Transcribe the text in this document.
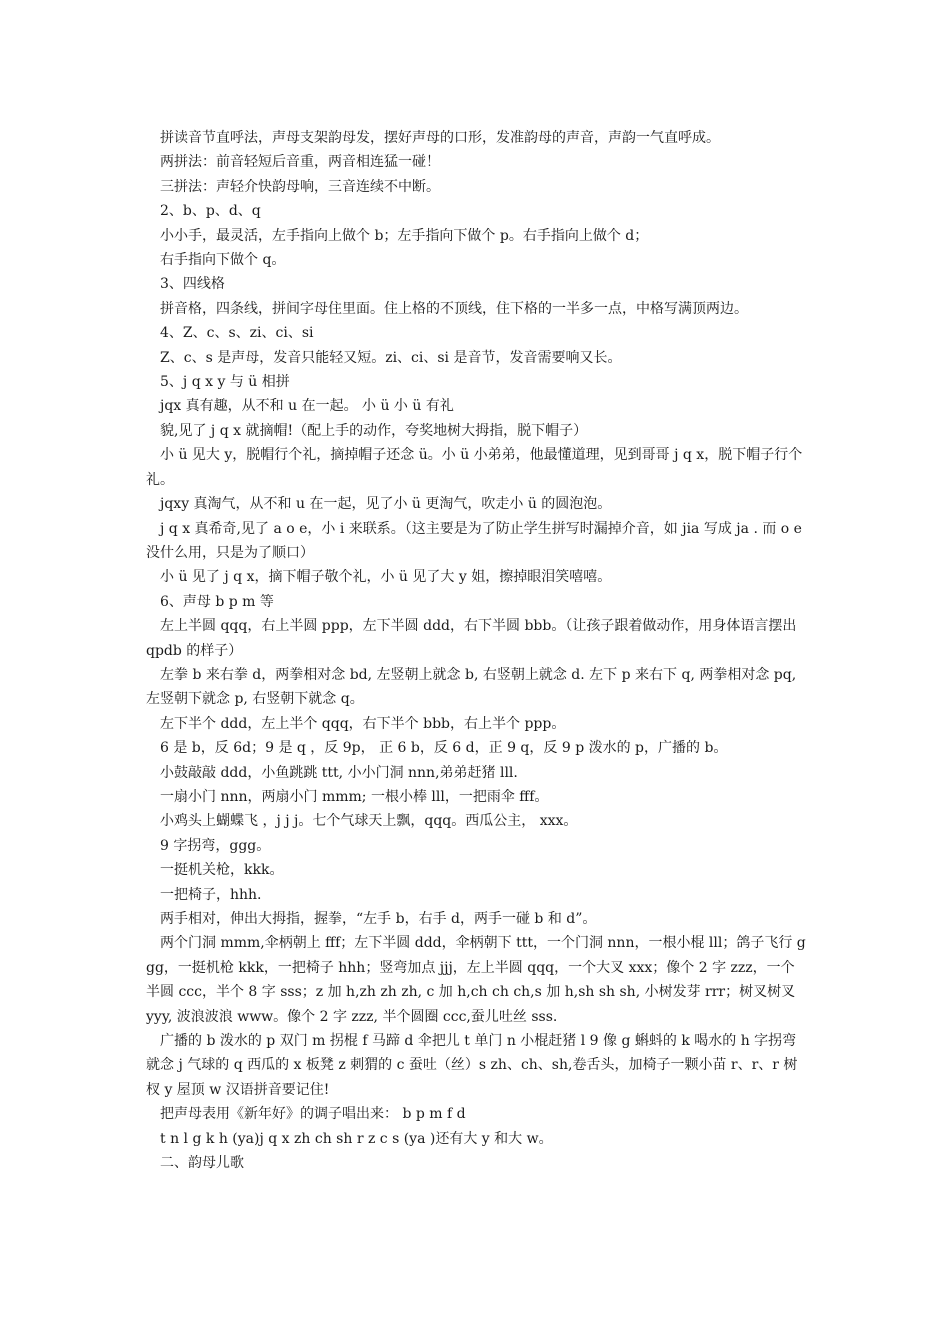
拼读音节直呼法，声母支架韵母发，摆好声母的口形，发准韵母的声音，声韵一气直呼成。

两拼法：前音轻短后音重，两音相连猛一碰！

三拼法：声轻介快韵母响，三音连续不中断。

2、b、p、d、q

小小手，最灵活，左手指向上做个 b；左手指向下做个 p。右手指向上做个 d；

右手指向下做个 q。

3、四线格

拼音格，四条线，拼间字母住里面。住上格的不顶线，住下格的一半多一点，中格写满顶两边。

4、Z、c、s、zi、ci、si

Z、c、s 是声母，发音只能轻又短。zi、ci、si 是音节，发音需要响又长。

5、j q x y 与 ü 相拼

jqx 真有趣，从不和 u 在一起。 小 ü 小 ü 有礼

貌,见了 j q x 就摘帽!（配上手的动作，夸奖地树大拇指，脱下帽子）

小 ü 见大 y，脱帽行个礼，摘掉帽子还念 ü。小 ü 小弟弟，他最懂道理，见到哥哥 j q x，脱下帽子行个礼。

jqxy 真淘气，从不和 u 在一起，见了小 ü 更淘气，吹走小 ü 的圆泡泡。

j q x 真希奇,见了 a o e，小 i 来联系。（这主要是为了防止学生拼写时漏掉介音，如 jia 写成 ja . 而 o e 没什么用，只是为了顺口）

小 ü 见了 j q x，摘下帽子敬个礼，小 ü 见了大 y 姐，擦掉眼泪笑嘻嘻。

6、声母 b p m 等

左上半圆 qqq，右上半圆 ppp，左下半圆 ddd，右下半圆 bbb。（让孩子跟着做动作，用身体语言摆出 qpdb 的样子）

左拳 b 来右拳 d，两拳相对念 bd, 左竖朝上就念 b, 右竖朝上就念 d. 左下 p 来右下 q, 两拳相对念 pq, 左竖朝下就念 p, 右竖朝下就念 q。

左下半个 ddd，左上半个 qqq，右下半个 bbb，右上半个 ppp。

6 是 b，反 6d；9 是 q ，反 9p， 正 6 b，反 6 d，正 9 q，反 9 p 泼水的 p，广播的 b。

小鼓敲敲 ddd，小鱼跳跳 ttt, 小小门洞 nnn,弟弟赶猪 lll.

一扇小门 nnn，两扇小门 mmm; 一根小棒 lll，一把雨伞 fff。

小鸡头上蝴蝶飞 ，j j j。七个气球天上飘，qqq。西瓜公主， xxx。

9 字拐弯，ggg。

一挺机关枪，kkk。

一把椅子，hhh.

两手相对，伸出大拇指，握拳，“左手 b，右手 d，两手一碰 b 和 d”。

两个门洞 mmm,伞柄朝上 fff；左下半圆 ddd，伞柄朝下 ttt，一个门洞 nnn，一根小棍 lll；鸽子飞行 ggg，一挺机枪 kkk，一把椅子 hhh；竖弯加点 jjj，左上半圆 qqq，一个大叉 xxx；像个 2 字 zzz，一个半圆 ccc，半个 8 字 sss；z 加 h,zh zh zh, c 加 h,ch ch ch,s 加 h,sh sh sh, 小树发芽 rrr；树叉树叉 yyy, 波浪波浪 www。像个 2 字 zzz, 半个圆圈 ccc,蚕儿吐丝 sss.

广播的 b 泼水的 p 双门 m 拐棍 f 马蹄 d 伞把儿 t 单门 n 小棍赶猪 l 9 像 g 蝌蚪的 k 喝水的 h 字拐弯就念 j 气球的 q 西瓜的 x 板凳 z 刺猬的 c 蚕吐（丝）s zh、ch、sh,卷舌头，加椅子一颗小苗 r、r、r 树杈 y 屋顶 w 汉语拼音要记住!

把声母表用《新年好》的调子唱出来： b p m f d

t n l g k h (ya)j q x zh ch sh r z c s (ya )还有大 y 和大 w。

二、韵母儿歌
